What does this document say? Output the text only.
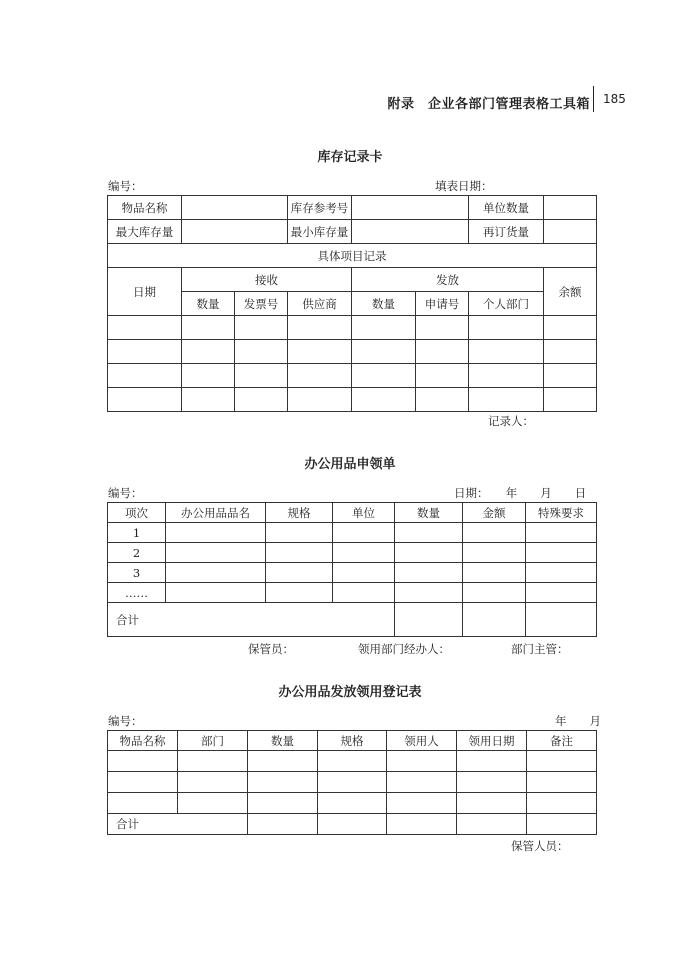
附录　企业各部门管理表格工具箱 185
库存记录卡
编号：	填表日期：
物品名称			库存参考号			单位数量	
最大库存量			最小库存量			再订货量	
具体项目记录							
日期	接收			发放			余额
	数量	发票号	供应商	数量	申请号	个人部门	

记录人：
办公用品申领单
编号：	日期：　　年　　月　　日
项次	办公用品品名	规格	单位	数量	金额	特殊要求
1						
2						
3						
……						
合计						
保管员：	领用部门经办人：	部门主管：
办公用品发放领用登记表
编号：	年　　月
物品名称	部门	数量	规格	领用人	领用日期	备注

合计						
保管人员：
